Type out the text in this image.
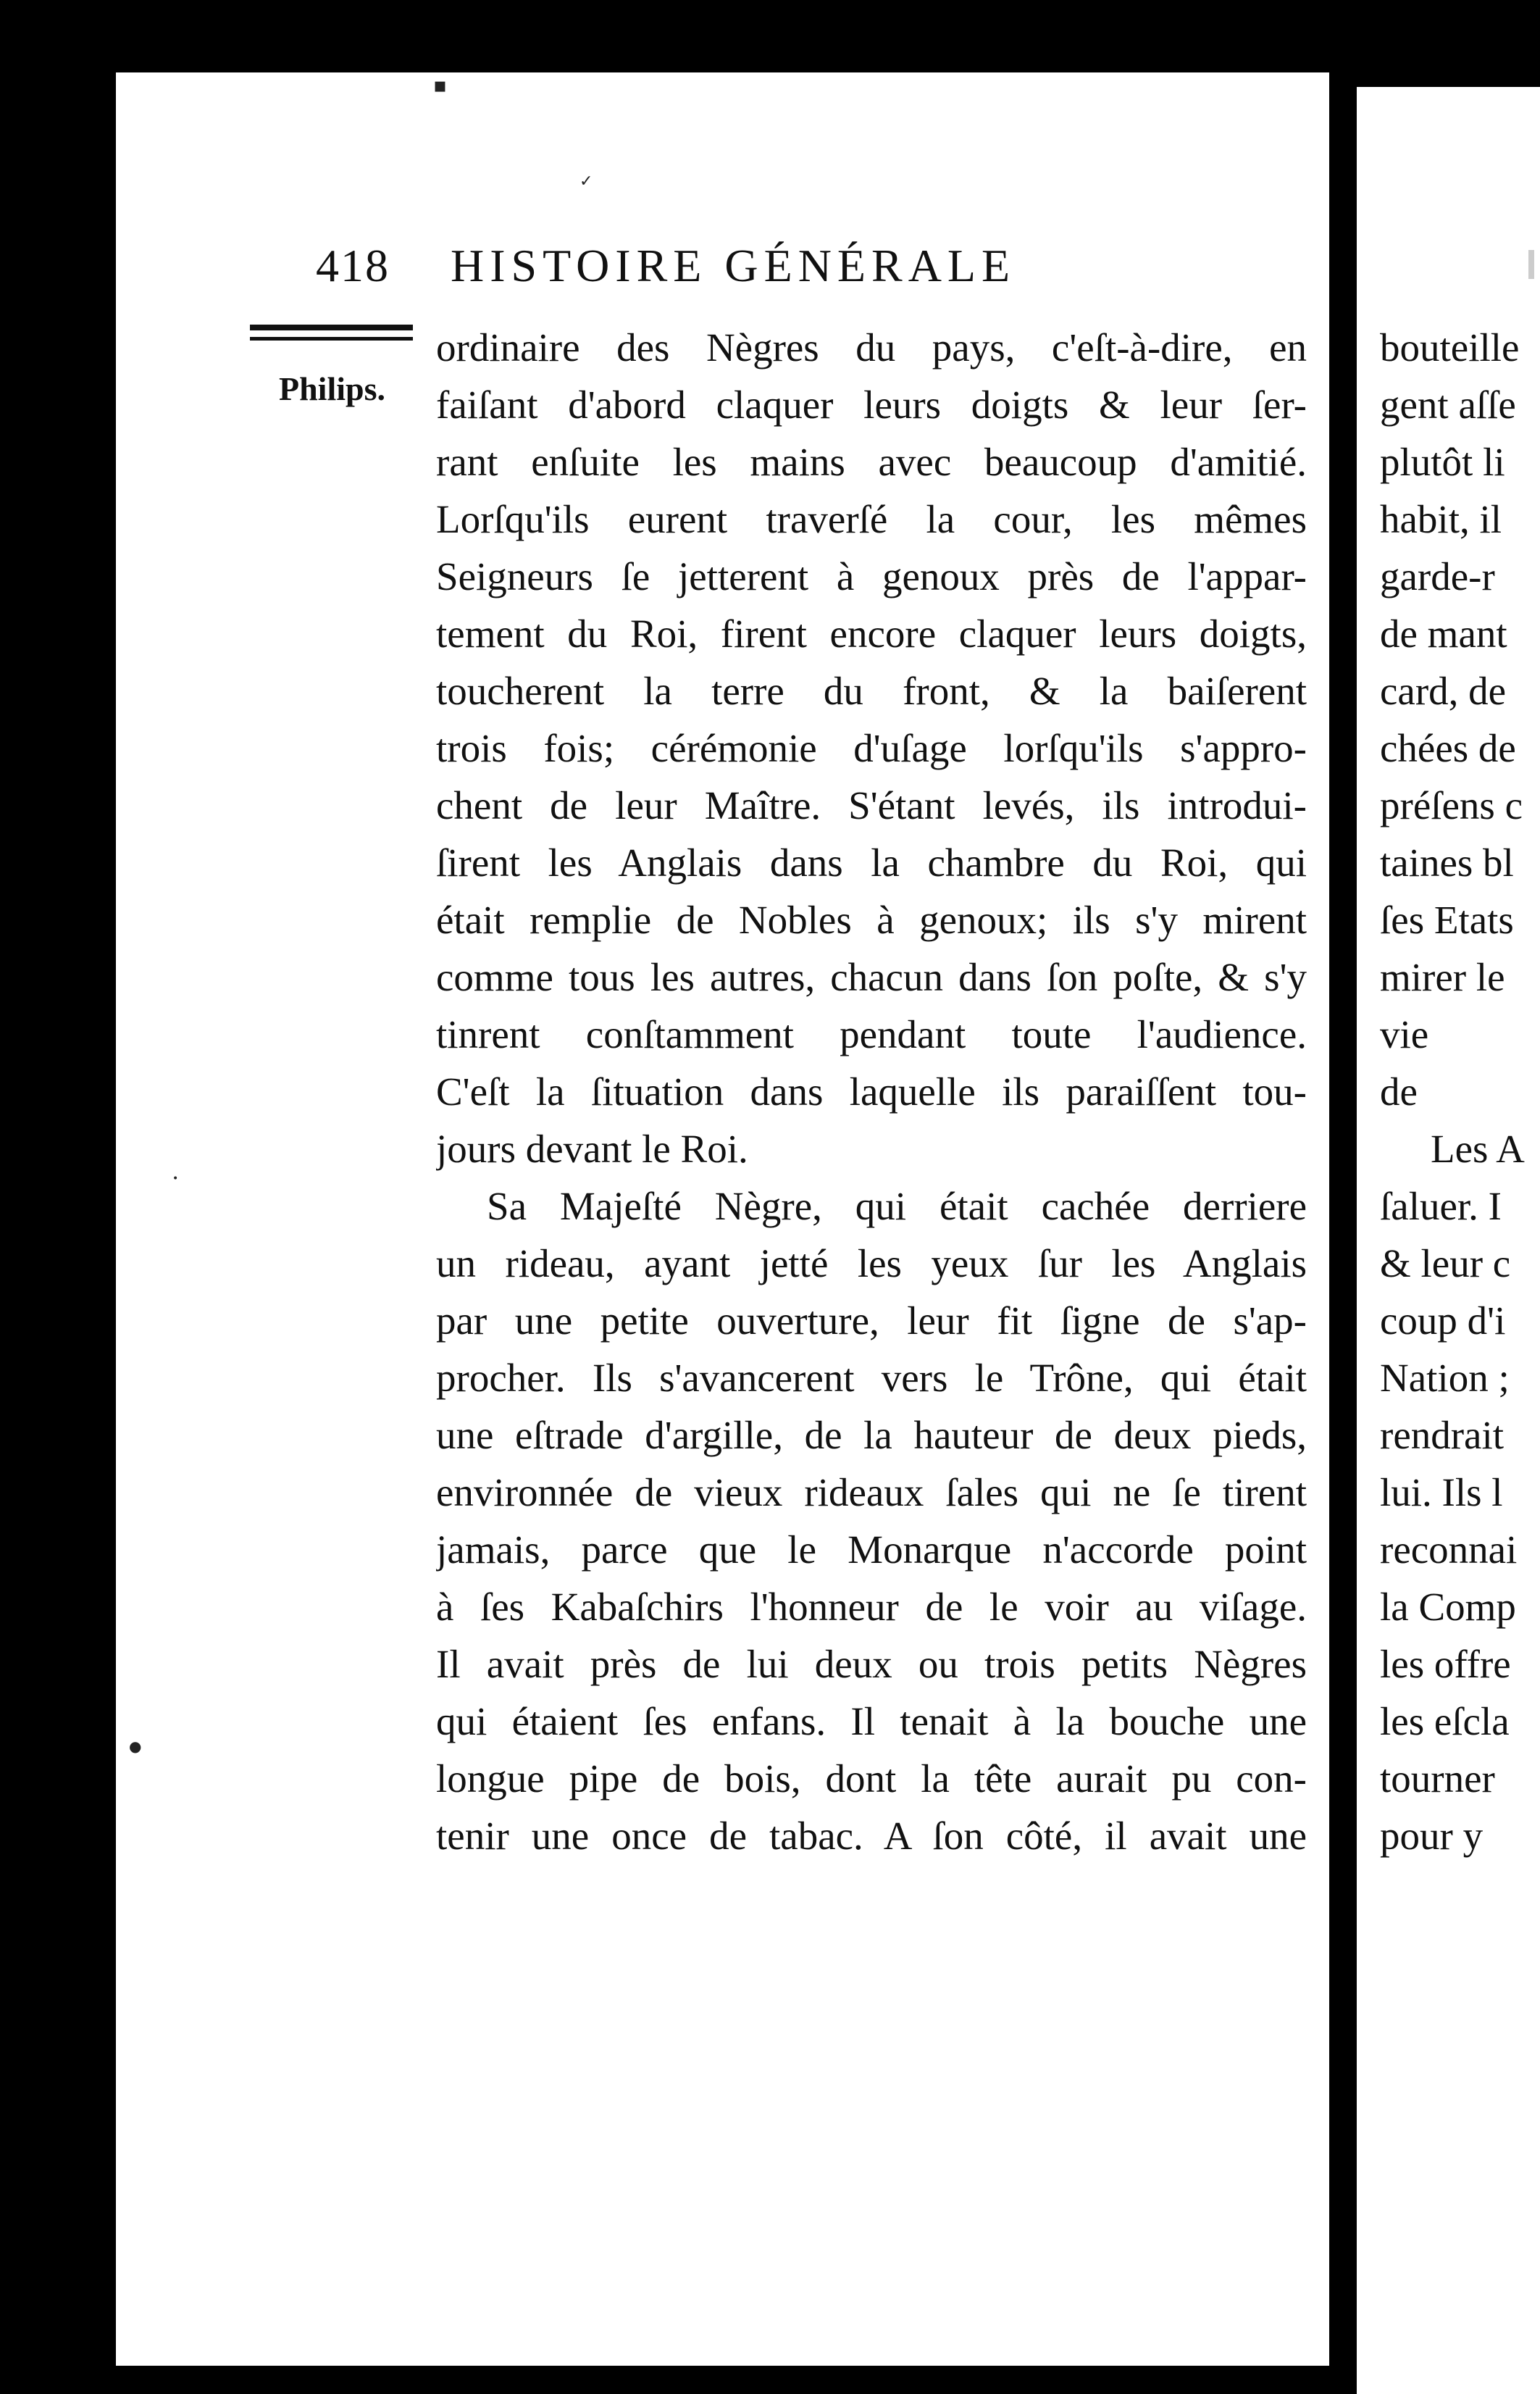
▪
✓
●
•
418 HISTOIRE GÉNÉRALE
Philips.
ordinaire des Nègres du pays, c'eſt-à-dire, en
faiſant d'abord claquer leurs doigts & leur ſer-
rant enſuite les mains avec beaucoup d'amitié.
Lorſqu'ils eurent traverſé la cour, les mêmes
Seigneurs ſe jetterent à genoux près de l'appar-
tement du Roi, firent encore claquer leurs doigts,
toucherent la terre du front, & la baiſerent
trois fois; cérémonie d'uſage lorſqu'ils s'appro-
chent de leur Maître. S'étant levés, ils introdui-
ſirent les Anglais dans la chambre du Roi, qui
était remplie de Nobles à genoux; ils s'y mirent
comme tous les autres, chacun dans ſon poſte, & s'y
tinrent conſtamment pendant toute l'audience.
C'eſt la ſituation dans laquelle ils paraiſſent tou-
jours devant le Roi.
Sa Majeſté Nègre, qui était cachée derriere
un rideau, ayant jetté les yeux ſur les Anglais
par une petite ouverture, leur fit ſigne de s'ap-
procher. Ils s'avancerent vers le Trône, qui était
une eſtrade d'argille, de la hauteur de deux pieds,
environnée de vieux rideaux ſales qui ne ſe tirent
jamais, parce que le Monarque n'accorde point
à ſes Kabaſchirs l'honneur de le voir au viſage.
Il avait près de lui deux ou trois petits Nègres
qui étaient ſes enfans. Il tenait à la bouche une
longue pipe de bois, dont la tête aurait pu con-
tenir une once de tabac. A ſon côté, il avait une
bouteille
gent aſſe
plutôt li
habit, il
garde-r
de mant
card, de
chées de
préſens c
taines bl
ſes Etats
mirer le
vie
de
Les A
ſaluer. I
& leur c
coup d'i
Nation ;
rendrait
lui. Ils l
reconnai
la Comp
les offre
les eſcla
tourner
pour y
